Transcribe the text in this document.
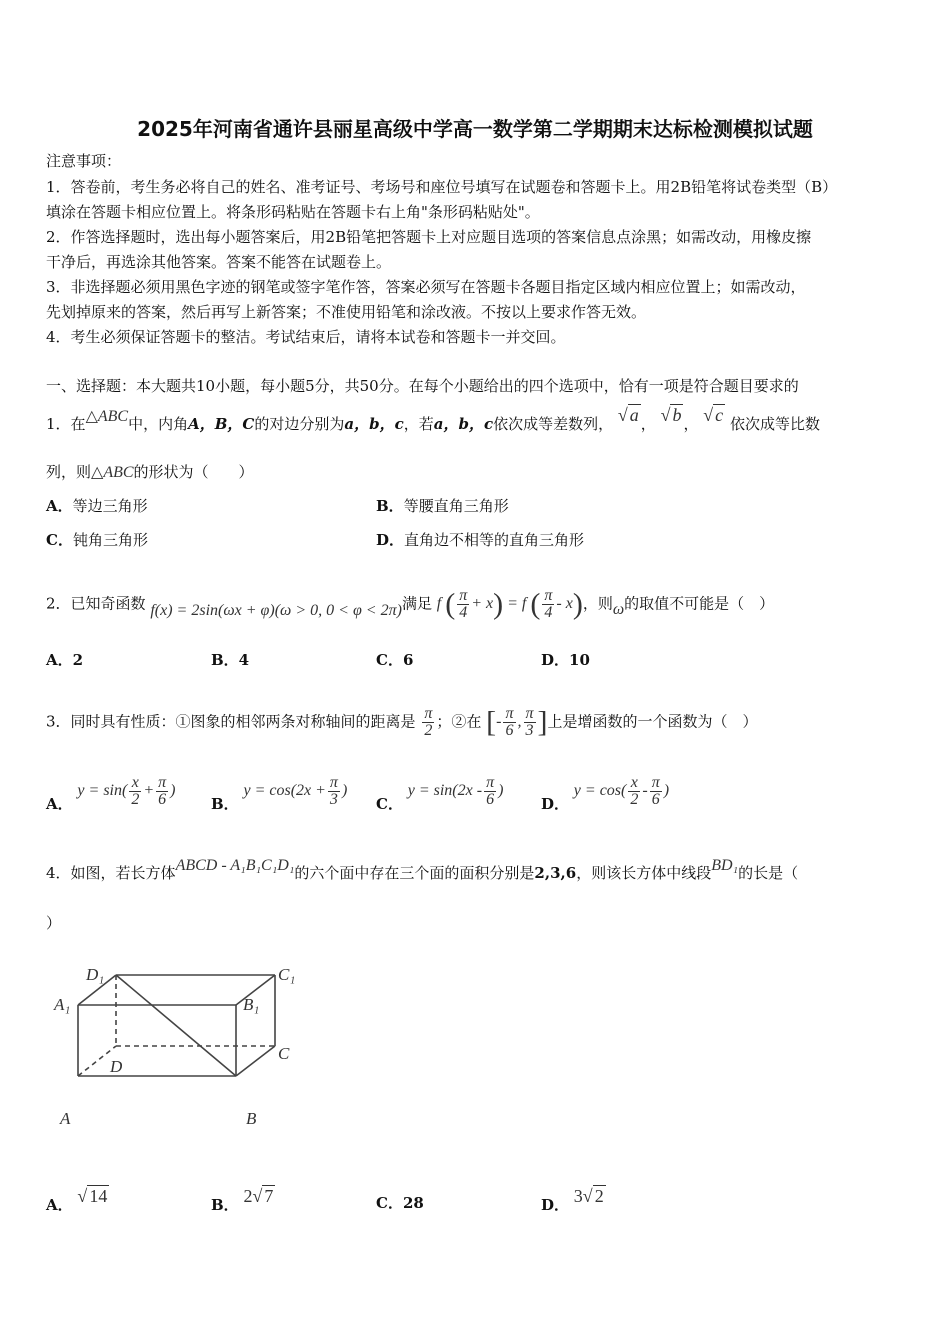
2025年河南省通许县丽星高级中学高一数学第二学期期末达标检测模拟试题
注意事项：
1．答卷前，考生务必将自己的姓名、准考证号、考场号和座位号填写在试题卷和答题卡上。用2B铅笔将试卷类型（B）
填涂在答题卡相应位置上。将条形码粘贴在答题卡右上角"条形码粘贴处"。
2．作答选择题时，选出每小题答案后，用2B铅笔把答题卡上对应题目选项的答案信息点涂黑；如需改动，用橡皮擦
干净后，再选涂其他答案。答案不能答在试题卷上。
3．非选择题必须用黑色字迹的钢笔或签字笔作答，答案必须写在答题卡各题目指定区域内相应位置上；如需改动，
先划掉原来的答案，然后再写上新答案；不准使用铅笔和涂改液。不按以上要求作答无效。
4．考生必须保证答题卡的整洁。考试结束后，请将本试卷和答题卡一并交回。
一、选择题：本大题共10小题，每小题5分，共50分。在每个小题给出的四个选项中，恰有一项是符合题目要求的
1．在△ABC中，内角A，B，C的对边分别为a，b，c，若a，b，c依次成等差数列， √ a ， √ b ， √ c 依次成等比数
列，则△ABC的形状为（　　）
A．等边三角形	B．等腰直角三角形
C．钝角三角形	D．直角边不相等的直角三角形
2．已知奇函数 f(x) = 2sin(ωx + φ)(ω > 0, 0 < φ < 2π)满足 f ( $\frac{\pi}{4} + x) = f$ ( $\frac{\pi}{4} - x$)，则ω的取值不可能是（　）
A．2	B．4	C．6	D．10
3．同时具有性质：①图象的相邻两条对称轴间的距离是 $\frac{\pi}{2}$ ；②在 [- $\frac{\pi}{6}$ , $\frac{\pi}{3}$ ]上是增函数的一个函数为（　）
A． $y = \sin( \frac{x}{2} + \frac{\pi}{6}$ )
B． $y = \cos(2x + \frac{\pi}{3}$ )
C． $y = \sin(2x - \frac{\pi}{6}$ )
D． $y = \cos( \frac{x}{2} - \frac{\pi}{6}$ )
4．如图，若长方体ABCD - A₁B₁C₁D₁的六个面中存在三个面的面积分别是2,3,6，则该长方体中线段BD₁的长是（
）
D₁	C₁
A₁	B₁
C
D
A	B
A． √ 14	B． 2√ 7	C．28	D． 3√ 2
